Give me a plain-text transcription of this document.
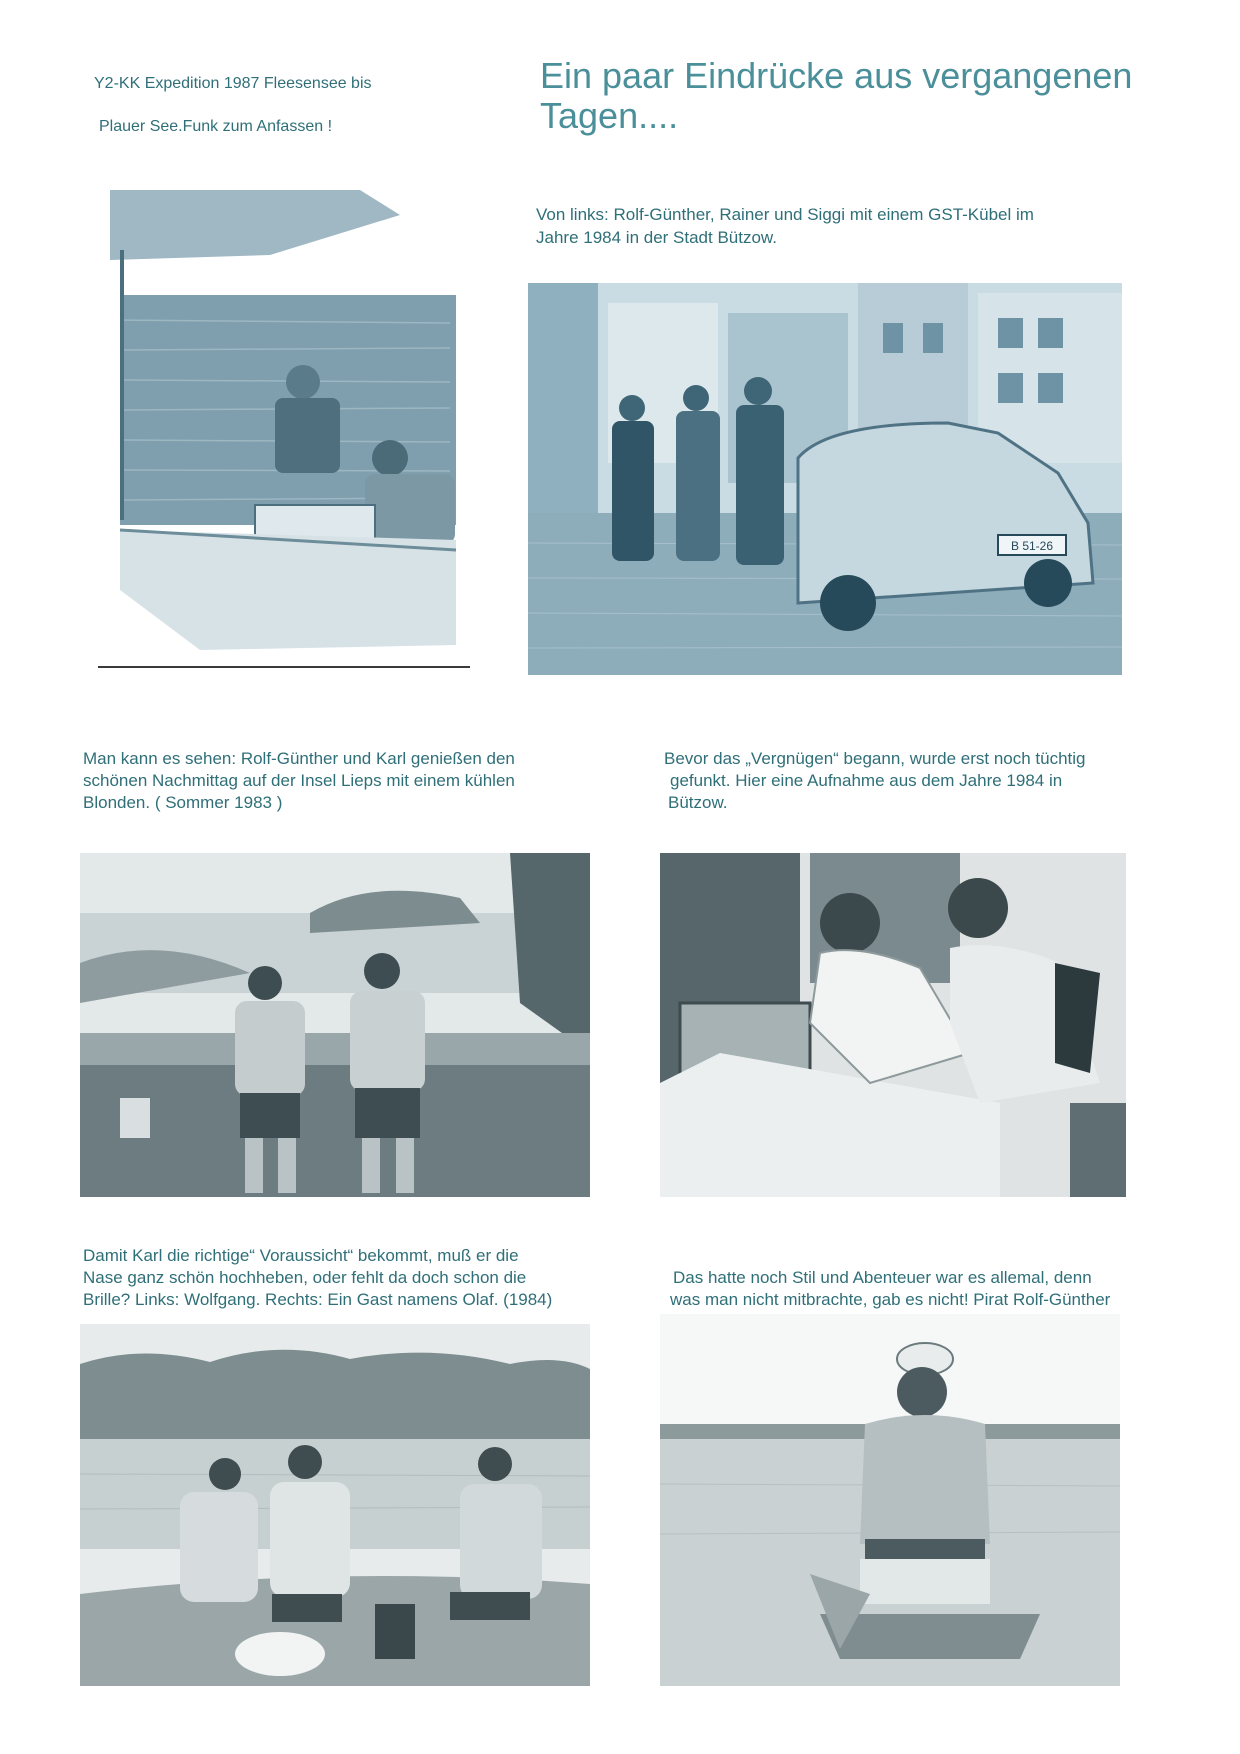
Y2-KK Expedition 1987 Fleesensee bis
Plauer See.Funk zum Anfassen !
Ein paar Eindrücke aus vergangenen
Tagen....
Von links: Rolf-Günther, Rainer und Siggi mit einem GST-Kübel im
Jahre 1984 in der Stadt Bützow.
B 51-26
Man kann es sehen: Rolf-Günther und Karl genießen den
schönen Nachmittag auf der Insel Lieps mit einem kühlen
Blonden. ( Sommer 1983 )
Bevor das „Vergnügen“ begann, wurde erst noch tüchtig
gefunkt. Hier eine Aufnahme aus dem Jahre 1984 in
Bützow.
Damit Karl die richtige“ Voraussicht“ bekommt, muß er die
Nase ganz schön hochheben, oder fehlt da doch schon die
Brille? Links: Wolfgang. Rechts: Ein Gast namens Olaf. (1984)
Das hatte noch Stil und Abenteuer war es allemal, denn
was man nicht mitbrachte, gab es nicht! Pirat Rolf-Günther
